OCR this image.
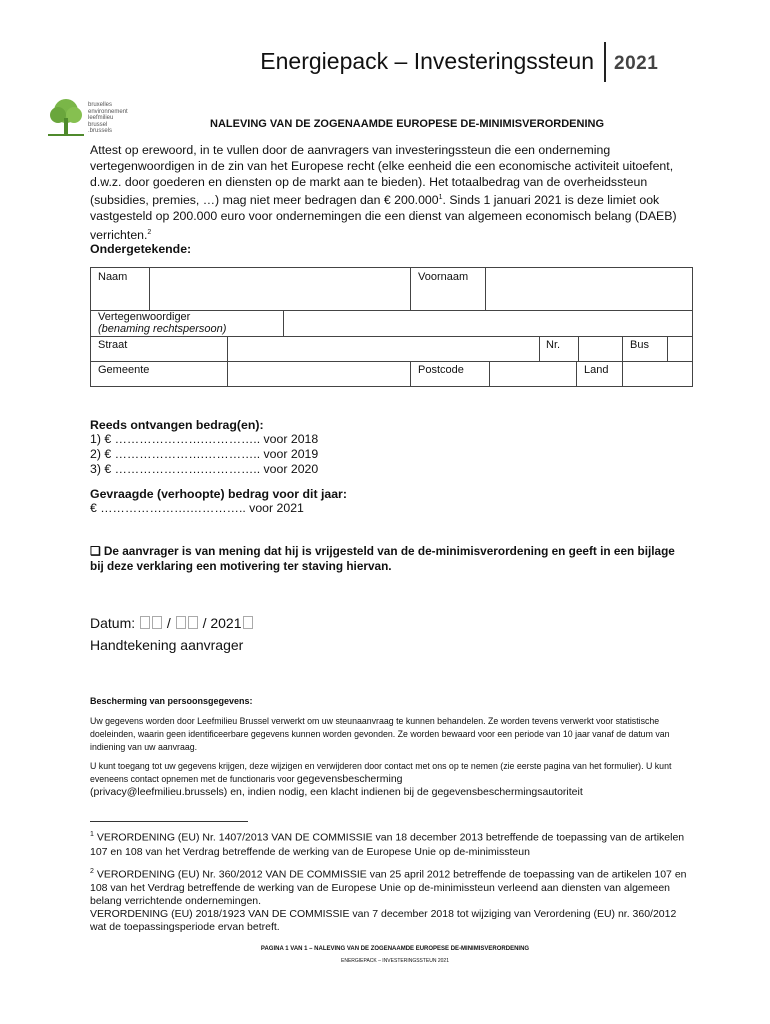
Energiepack – Investeringssteun 2021
bruxelles
environnement
leefmilieu
brussel
.brussels
NALEVING VAN DE ZOGENAAMDE EUROPESE DE-MINIMISVERORDENING
Attest op erewoord, in te vullen door de aanvragers van investeringssteun die een onderneming vertegenwoordigen in de zin van het Europese recht (elke eenheid die een economische activiteit uitoefent, d.w.z. door goederen en diensten op de markt aan te bieden). Het totaalbedrag van de overheidssteun (subsidies, premies, …) mag niet meer bedragen dan € 200.000$^1$. Sinds 1 januari 2021 is deze limiet ook vastgesteld op 200.000 euro voor ondernemingen die een dienst van algemeen economisch belang (DAEB) verrichten.$^2$
Ondergetekende:
Naam	Voornaam
Vertegenwoordiger
(benaming rechtspersoon)
Straat	Nr.	Bus
Gemeente	Postcode	Land
Reeds ontvangen bedrag(en):
1) € ………………….………….. voor 2018
2) € ………………….………….. voor 2019
3) € ………………….………….. voor 2020
Gevraagde (verhoopte) bedrag voor dit jaar:
€ ………………….………….. voor 2021
❏ De aanvrager is van mening dat hij is vrijgesteld van de de-minimisverordening en geeft in een bijlage bij deze verklaring een motivering ter staving hiervan.
Datum: / / 2021
Handtekening aanvrager
Bescherming van persoonsgegevens:
Uw gegevens worden door Leefmilieu Brussel verwerkt om uw steunaanvraag te kunnen behandelen. Ze worden tevens verwerkt voor statistische doeleinden, waarin geen identificeerbare gegevens kunnen worden gevonden. Ze worden bewaard voor een periode van 10 jaar vanaf de datum van indiening van uw aanvraag.
U kunt toegang tot uw gegevens krijgen, deze wijzigen en verwijderen door contact met ons op te nemen (zie eerste pagina van het formulier). U kunt eveneens contact opnemen met de functionaris voor gegevensbescherming
(privacy@leefmilieu.brussels) en, indien nodig, een klacht indienen bij de gegevensbeschermingsautoriteit
$^1$ VERORDENING (EU) Nr. 1407/2013 VAN DE COMMISSIE van 18 december 2013 betreffende de toepassing van de artikelen 107 en 108 van het Verdrag betreffende de werking van de Europese Unie op de-minimissteun
$^2$ VERORDENING (EU) Nr. 360/2012 VAN DE COMMISSIE van 25 april 2012 betreffende de toepassing van de artikelen 107 en 108 van het Verdrag betreffende de werking van de Europese Unie op de-minimissteun verleend aan diensten van algemeen belang verrichtende ondernemingen.
VERORDENING (EU) 2018/1923 VAN DE COMMISSIE van 7 december 2018 tot wijziging van Verordening (EU) nr. 360/2012 wat de toepassingsperiode ervan betreft.
PAGINA 1 VAN 1 – NALEVING VAN DE ZOGENAAMDE EUROPESE DE-MINIMISVERORDENING
ENERGIEPACK – INVESTERINGSSTEUN 2021
